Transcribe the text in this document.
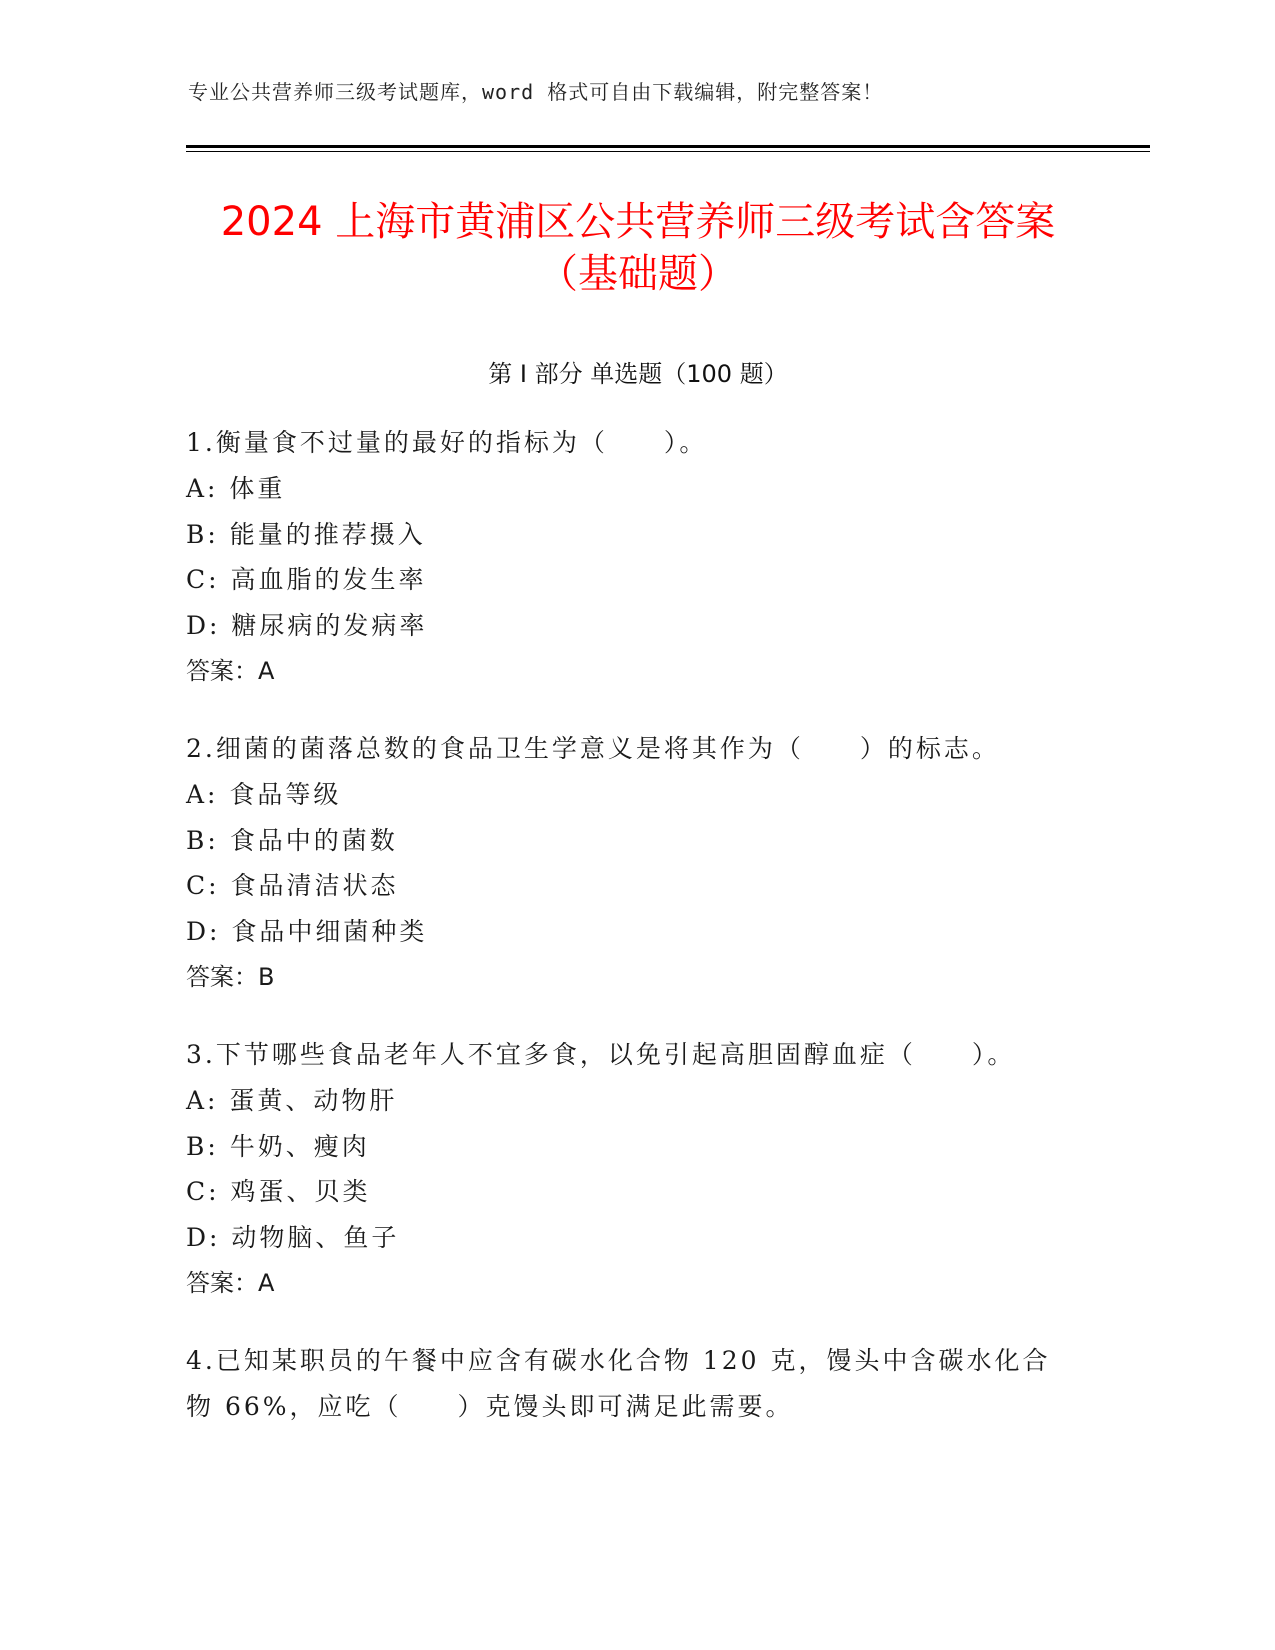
专业公共营养师三级考试题库，word 格式可自由下载编辑，附完整答案！
2024 上海市黄浦区公共营养师三级考试含答案（基础题）
第 I 部分 单选题（100 题）
1.衡量食不过量的最好的指标为（　　）。
A: 体重
B: 能量的推荐摄入
C: 高血脂的发生率
D: 糖尿病的发病率
答案：A
2.细菌的菌落总数的食品卫生学意义是将其作为（　　）的标志。
A: 食品等级
B: 食品中的菌数
C: 食品清洁状态
D: 食品中细菌种类
答案：B
3.下节哪些食品老年人不宜多食，以免引起高胆固醇血症（　　）。
A: 蛋黄、动物肝
B: 牛奶、瘦肉
C: 鸡蛋、贝类
D: 动物脑、鱼子
答案：A
4.已知某职员的午餐中应含有碳水化合物 120 克，馒头中含碳水化合物 66%，应吃（　　）克馒头即可满足此需要。
